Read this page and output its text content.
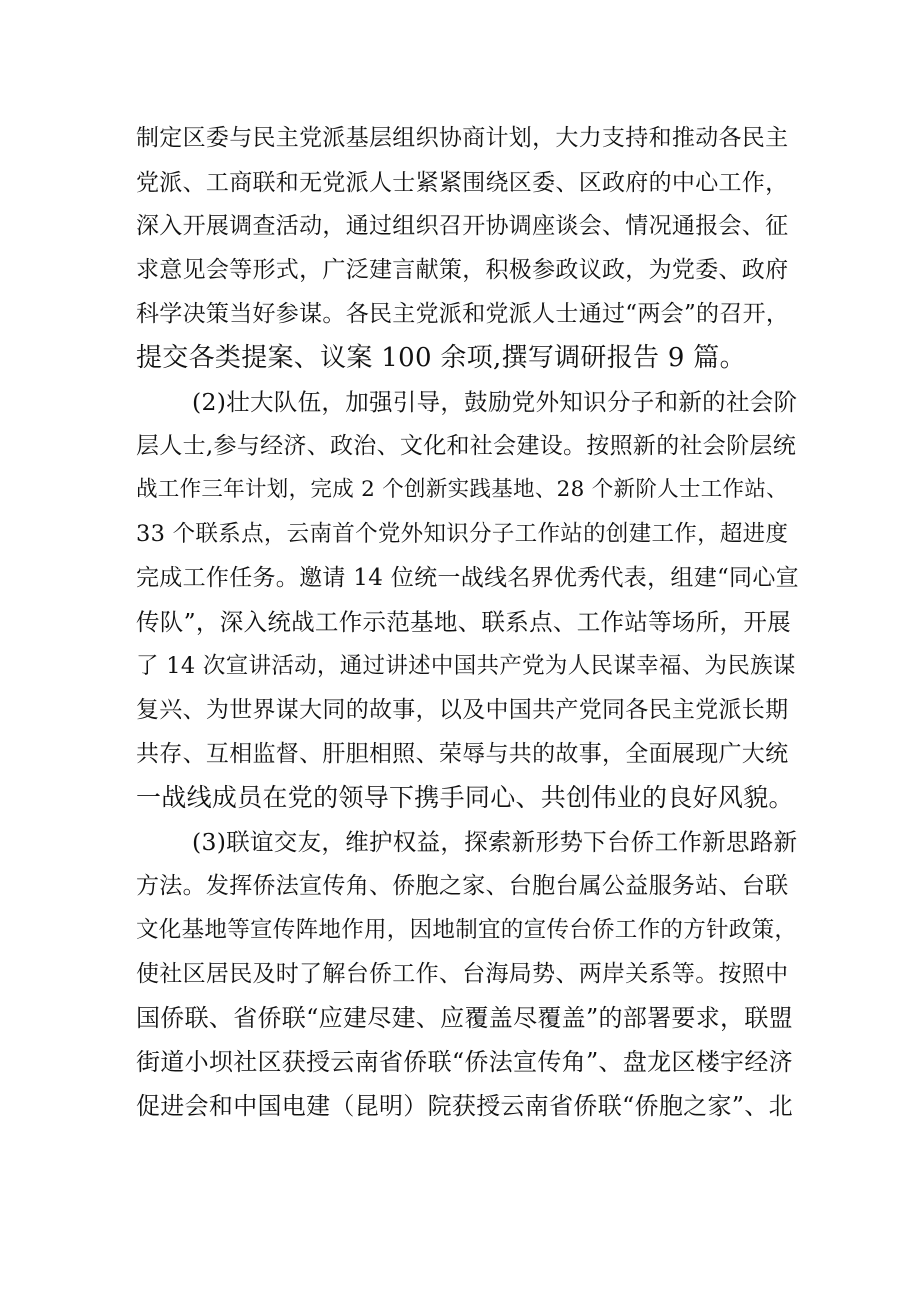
制定区委与民主党派基层组织协商计划，大力支持和推动各民主
党派、工商联和无党派人士紧紧围绕区委、区政府的中心工作，
深入开展调查活动，通过组织召开协调座谈会、情况通报会、征
求意见会等形式，广泛建言献策，积极参政议政，为党委、政府
科学决策当好参谋。各民主党派和党派人士通过“两会”的召开，
提交各类提案、议案 100 余项,撰写调研报告 9 篇。
(2)壮大队伍，加强引导，鼓励党外知识分子和新的社会阶
层人士,参与经济、政治、文化和社会建设。按照新的社会阶层统
战工作三年计划，完成 2 个创新实践基地、28 个新阶人士工作站、
33 个联系点，云南首个党外知识分子工作站的创建工作，超进度
完成工作任务。邀请 14 位统一战线名界优秀代表，组建“同心宣
传队”，深入统战工作示范基地、联系点、工作站等场所，开展
了 14 次宣讲活动，通过讲述中国共产党为人民谋幸福、为民族谋
复兴、为世界谋大同的故事，以及中国共产党同各民主党派长期
共存、互相监督、肝胆相照、荣辱与共的故事，全面展现广大统
一战线成员在党的领导下携手同心、共创伟业的良好风貌。
(3)联谊交友，维护权益，探索新形势下台侨工作新思路新
方法。发挥侨法宣传角、侨胞之家、台胞台属公益服务站、台联
文化基地等宣传阵地作用，因地制宜的宣传台侨工作的方针政策，
使社区居民及时了解台侨工作、台海局势、两岸关系等。按照中
国侨联、省侨联“应建尽建、应覆盖尽覆盖”的部署要求，联盟
街道小坝社区获授云南省侨联“侨法宣传角”、盘龙区楼宇经济
促进会和中国电建（昆明）院获授云南省侨联“侨胞之家”、北
